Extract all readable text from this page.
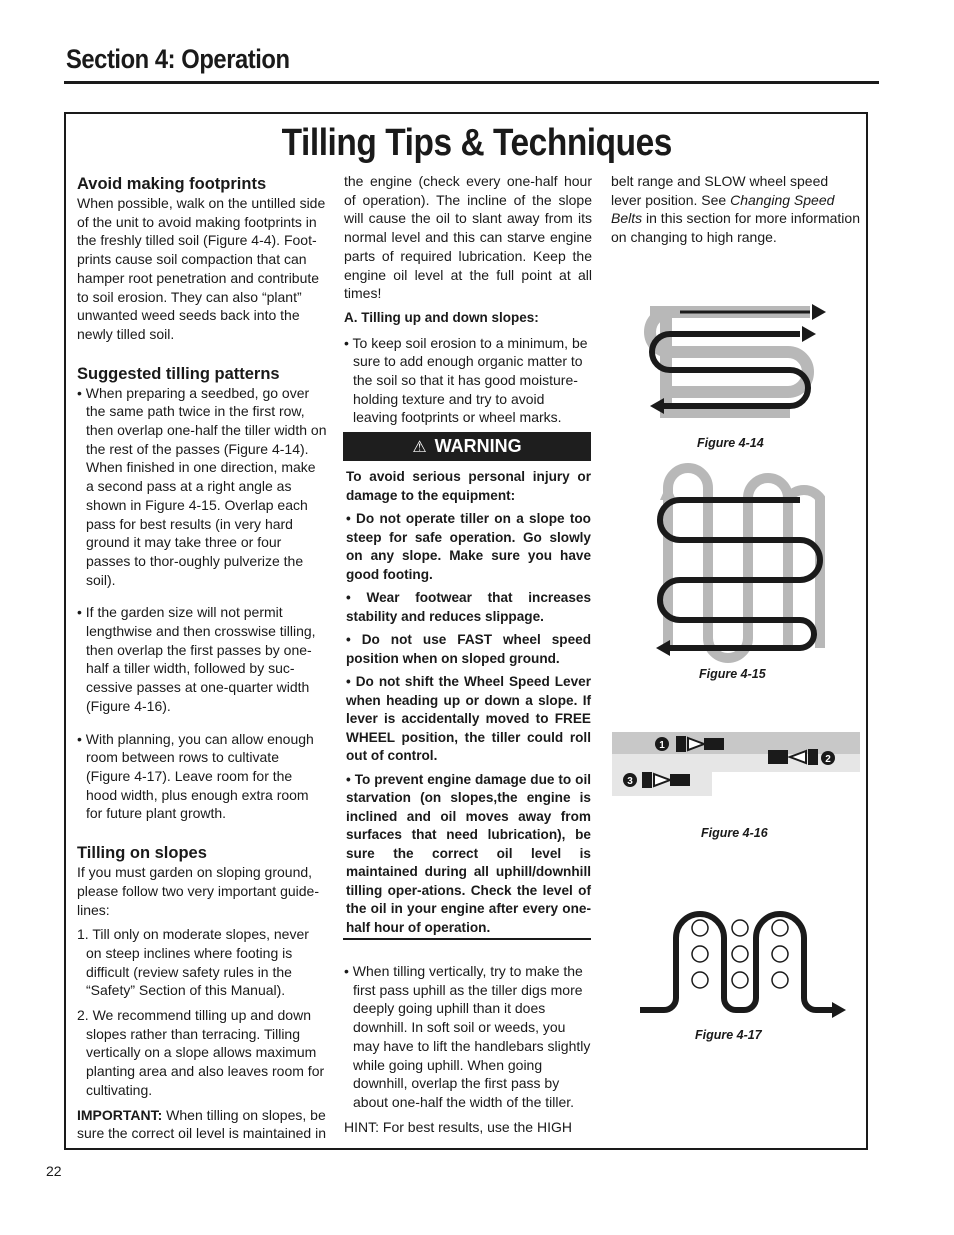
Section 4: Operation
Tilling Tips & Techniques

Avoid making footprints

When possible, walk on the untilled side of the unit to avoid making footprints in the freshly tilled soil (Figure 4-4). Foot-prints cause soil compaction that can hamper root penetration and contribute to soil erosion. They can also “plant” unwanted weed seeds back into the newly tilled soil.

Suggested tilling patterns

• When preparing a seedbed, go over the same path twice in the first row, then overlap one-half the tiller width on the rest of the passes (Figure 4-14). When finished in one direction, make a second pass at a right angle as shown in Figure 4-15. Overlap each pass for best results (in very hard ground it may take three or four passes to thor-oughly pulverize the soil).

• If the garden size will not permit lengthwise and then crosswise tilling, then overlap the first passes by one-half a tiller width, followed by suc-cessive passes at one-quarter width (Figure 4-16).

• With planning, you can allow enough room between rows to cultivate (Figure 4-17). Leave room for the hood width, plus enough extra room for future plant growth.

Tilling on slopes

If you must garden on sloping ground, please follow two very important guide-lines:

1. Till only on moderate slopes, never on steep inclines where footing is difficult (review safety rules in the “Safety” Section of this Manual).

2. We recommend tilling up and down slopes rather than terracing. Tilling vertically on a slope allows maximum planting area and also leaves room for cultivating.

IMPORTANT: When tilling on slopes, be sure the correct oil level is maintained in

the engine (check every one-half hour of operation). The incline of the slope will cause the oil to slant away from its normal level and this can starve engine parts of required lubrication. Keep the engine oil level at the full point at all times!

A. Tilling up and down slopes:

• To keep soil erosion to a minimum, be sure to add enough organic matter to the soil so that it has good moisture-holding texture and try to avoid leaving footprints or wheel marks.

⚠ WARNING

To avoid serious personal injury or damage to the equipment:

• Do not operate tiller on a slope too steep for safe operation. Go slowly on any slope. Make sure you have good footing.

• Wear footwear that increases stability and reduces slippage.

• Do not use FAST wheel speed position when on sloped ground.

• Do not shift the Wheel Speed Lever when heading up or down a slope. If lever is accidentally moved to FREE WHEEL position, the tiller could roll out of control.

• To prevent engine damage due to oil starvation (on slopes,the engine is inclined and oil moves away from surfaces that need lubrication), be sure the correct oil level is maintained during all uphill/downhill tilling oper-ations. Check the level of the oil in your engine after every one-half hour of operation.

• When tilling vertically, try to make the first pass uphill as the tiller digs more deeply going uphill than it does downhill. In soft soil or weeds, you may have to lift the handlebars slightly while going uphill. When going downhill, overlap the first pass by about one-half the width of the tiller.

HINT: For best results, use the HIGH

belt range and SLOW wheel speed lever position. See Changing Speed Belts in this section for more information on changing to high range.

Figure 4-14
Figure 4-15
1
2
3
Figure 4-16
Figure 4-17
22
